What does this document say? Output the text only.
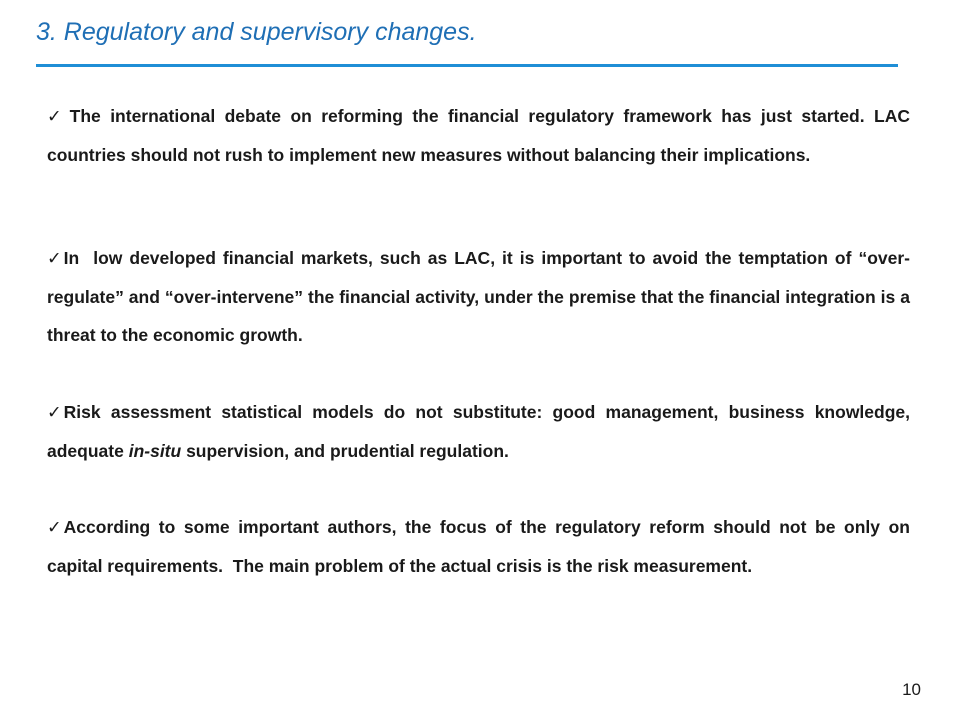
3. Regulatory and supervisory changes.
✓ The international debate on reforming the financial regulatory framework has just started. LAC countries should not rush to implement new measures without balancing their implications.
✓ In  low developed financial markets, such as LAC, it is important to avoid the temptation of “over-regulate” and “over-intervene” the financial activity, under the premise that the financial integration is a threat to the economic growth.
✓ Risk assessment statistical models do not substitute: good management, business knowledge, adequate in-situ supervision, and prudential regulation.
✓ According to some important authors, the focus of the regulatory reform should not be only on capital requirements.  The main problem of the actual crisis is the risk measurement.
10
